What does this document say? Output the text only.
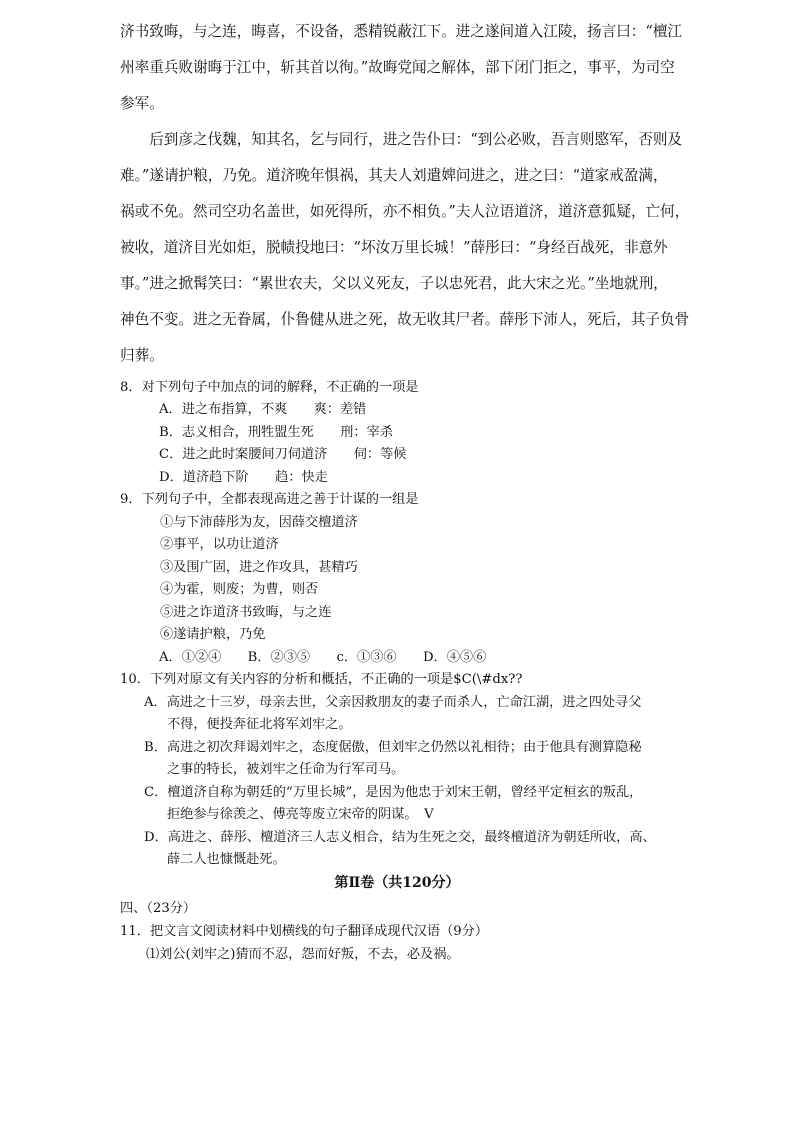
济书致晦，与之连，晦喜，不设备，悉精锐蔽江下。进之遂间道入江陵，扬言曰：“檀江
州率重兵败谢晦于江中，斩其首以徇。”故晦党闻之解体，部下闭门拒之，事平，为司空
参军。
　　后到彦之伐魏，知其名，乞与同行，进之告仆曰：“到公必败，吾言则愍军，否则及
难。”遂请护粮，乃免。道济晚年惧祸，其夫人刘遣婢问进之，进之曰：“道家戒盈满，
祸或不免。然司空功名盖世，如死得所，亦不相负。”夫人泣语道济，道济意狐疑，亡何，
被收，道济目光如炬，脱帻投地曰：“坏汝万里长城！”薛彤曰：“身经百战死，非意外
事。”进之掀髯笑曰：“累世农夫，父以义死友，子以忠死君，此大宋之光。”坐地就刑，
神色不变。进之无眷属，仆鲁健从进之死，故无收其尸者。薛彤下沛人，死后，其子负骨
归葬。
8．对下列句子中加点的词的解释，不正确的一项是
A．进之布指算，不爽　　爽：差错
B．志义相合，刑牲盟生死　　刑：宰杀
C．进之此时案腰间刀伺道济　　伺：等候
D．道济趋下阶　　趋：快走
9．下列句子中，全都表现高进之善于计谋的一组是
①与下沛薛彤为友，因薛交檀道济
②事平，以功让道济
③及围广固，进之作攻具，甚精巧
④为霍，则废；为曹，则否
⑤进之诈道济书致晦，与之连
⑥遂请护粮，乃免
A．①②④　　B．②③⑤　　c．①③⑥　　D．④⑤⑥
10．下列对原文有关内容的分析和概括，不正确的一项是$C(\#dx??
A．高进之十三岁，母亲去世，父亲因救朋友的妻子而杀人，亡命江湖，进之四处寻父
不得，便投奔征北将军刘牢之。
B．高进之初次拜谒刘牢之，态度倨傲，但刘牢之仍然以礼相待；由于他具有测算隐秘
之事的特长，被刘牢之任命为行军司马。
C．檀道济自称为朝廷的“万里长城”，是因为他忠于刘宋王朝，曾经平定桓玄的叛乱，
拒绝参与徐羡之、傅亮等废立宋帝的阴谋。　V
D．高进之、薛彤、檀道济三人志义相合，结为生死之交，最终檀道济为朝廷所收，高、
薛二人也慷慨赴死。
第Ⅱ卷（共120分）
四、（23分）
11．把文言文阅读材料中划横线的句子翻译成现代汉语（9分）
⑴刘公(刘牢之)猜而不忍，怨而好叛，不去，必及祸。
